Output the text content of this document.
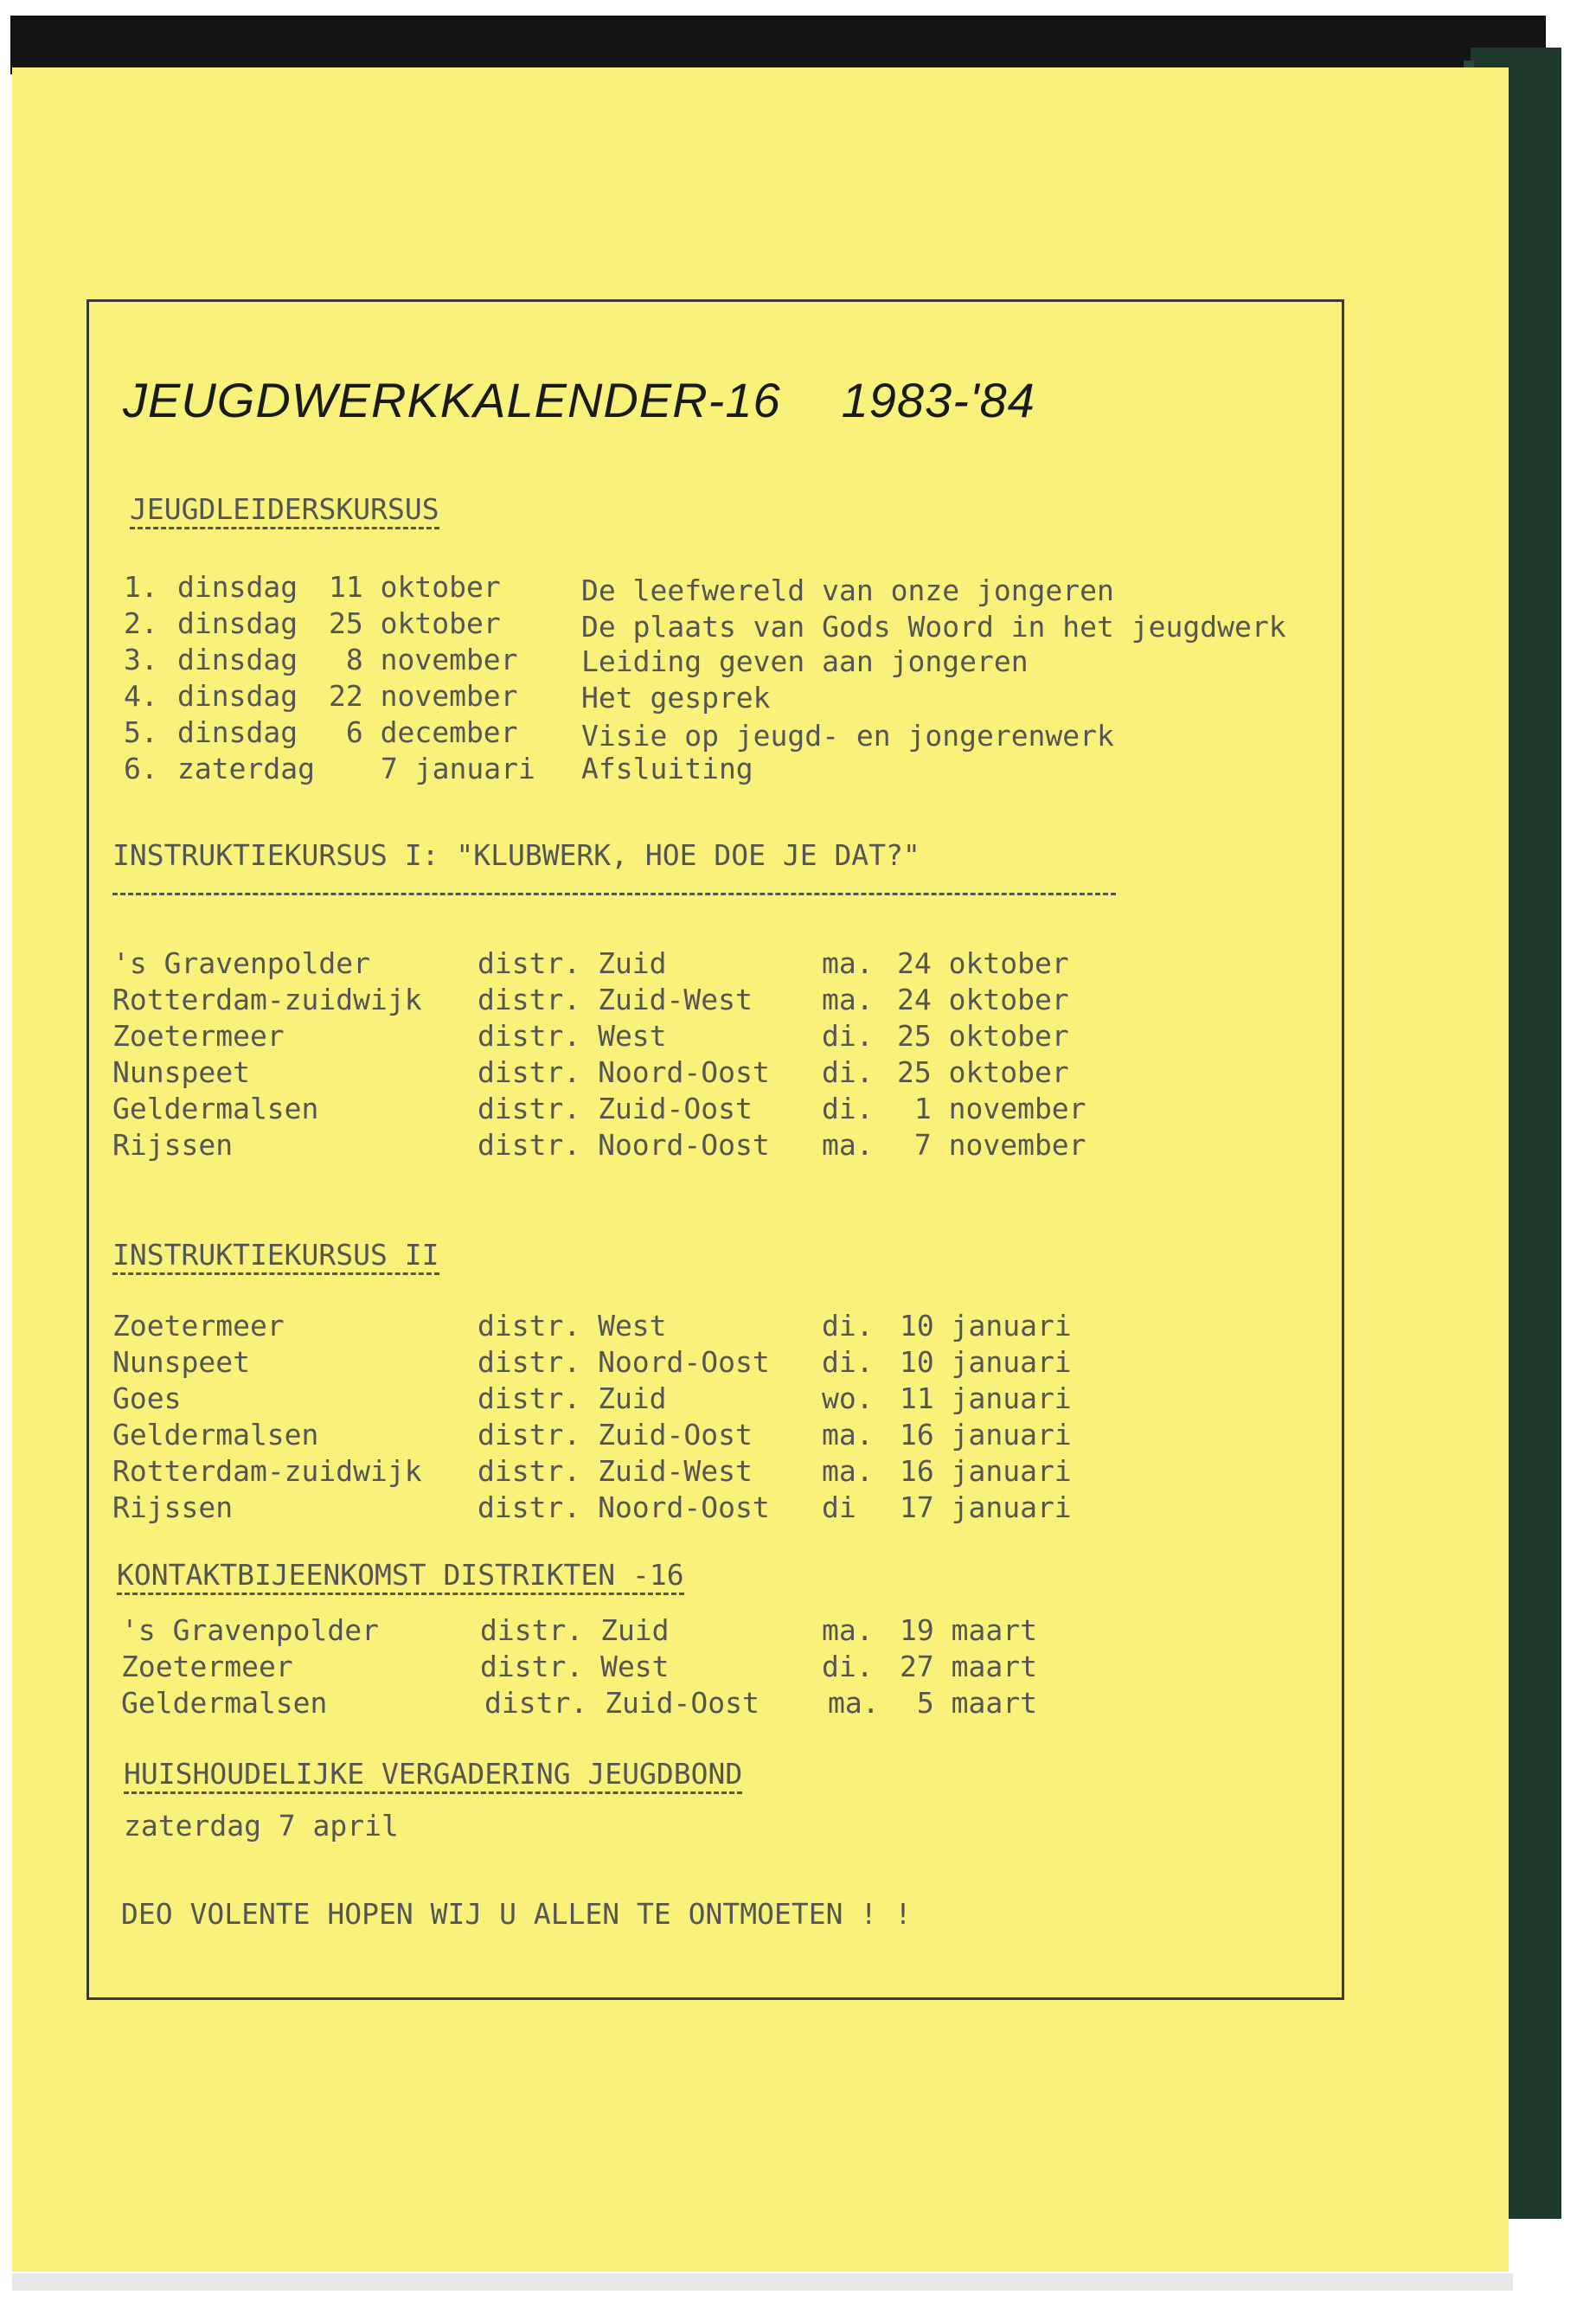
JEUGDWERKKALENDER-16 1983-'84
JEUGDLEIDERSKURSUS
1. dinsdag 11 oktober	De leefwereld van onze jongeren
2. dinsdag 25 oktober	De plaats van Gods Woord in het jeugdwerk
3. dinsdag 8 november Leiding geven aan jongeren
4. dinsdag 22 november Het gesprek
5. dinsdag 6 december Visie op jeugd- en jongerenwerk
6. zaterdag 7 januari Afsluiting
INSTRUKTIEKURSUS I: "KLUBWERK, HOE DOE JE DAT?"
's Gravenpolder	distr. Zuid	ma. 24 oktober
Rotterdam-zuidwijk distr. Zuid-West ma. 24 oktober
Zoetermeer	distr. West	di. 25 oktober
Nunspeet	distr. Noord-Oost di. 25 oktober
Geldermalsen	distr. Zuid-Oost di. 1 november
Rijssen	distr. Noord-Oost ma. 7 november
INSTRUKTIEKURSUS II
Zoetermeer	distr. West	di. 10 januari
Nunspeet	distr. Noord-Oost di. 10 januari
Goes	distr. Zuid	wo. 11 januari
Geldermalsen	distr. Zuid-Oost ma. 16 januari
Rotterdam-zuidwijk distr. Zuid-West ma. 16 januari
Rijssen	distr. Noord-Oost di 17 januari
KONTAKTBIJEENKOMST DISTRIKTEN -16
's Gravenpolder	distr. Zuid	ma. 19 maart
Zoetermeer	distr. West	di. 27 maart
Geldermalsen	distr. Zuid-Oost ma. 5 maart
HUISHOUDELIJKE VERGADERING JEUGDBOND
zaterdag 7 april
DEO VOLENTE HOPEN WIJ U ALLEN TE ONTMOETEN ! !
